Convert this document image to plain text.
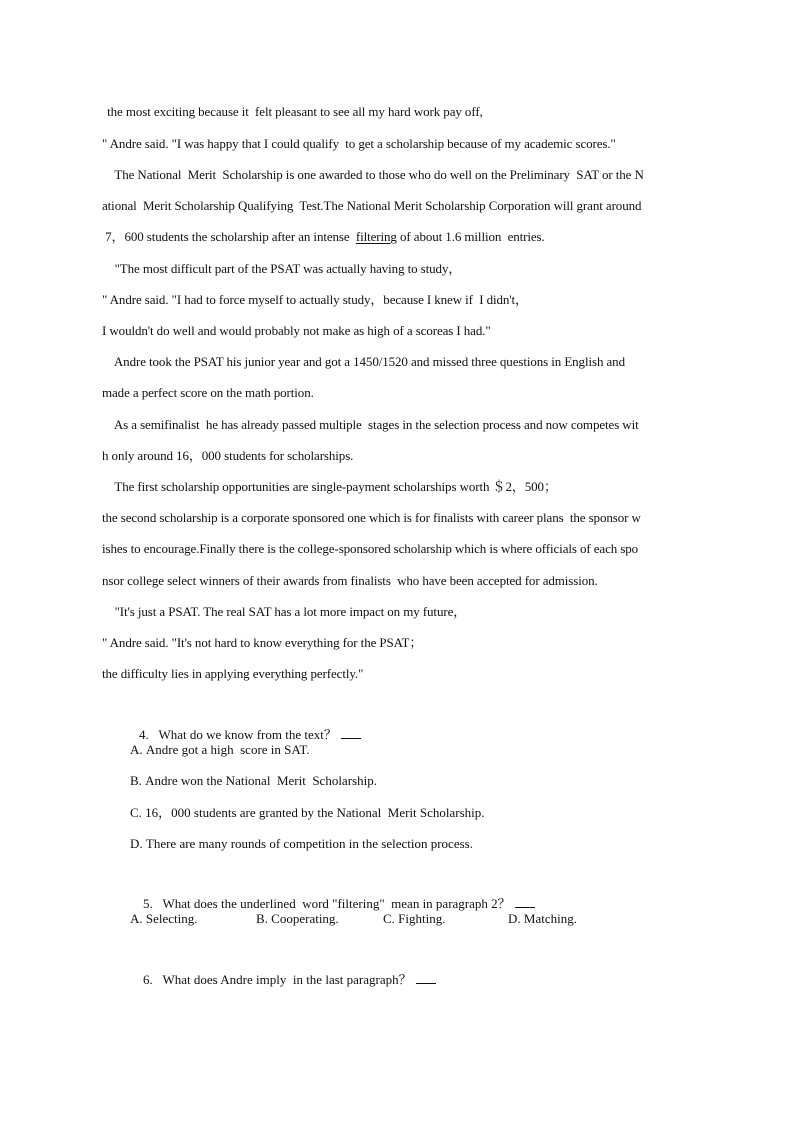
the most exciting because it  felt pleasant to see all my hard work pay off,
" Andre said. "I was happy that I could qualify  to get a scholarship because of my academic scores."
The National  Merit  Scholarship is one awarded to those who do well on the Preliminary  SAT or the N
ational  Merit Scholarship Qualifying  Test.The National Merit Scholarship Corporation will grant around
7，600 students the scholarship after an intense  filtering of about 1.6 million  entries.
"The most difficult part of the PSAT was actually having to study，
" Andre said. "I had to force myself to actually study，because I knew if  I didn't，
I wouldn't do well and would probably not make as high of a scoreas I had."
Andre took the PSAT his junior year and got a 1450/1520 and missed three questions in English and
made a perfect score on the math portion.
As a semifinalist  he has already passed multiple  stages in the selection process and now competes wit
h only around 16，000 students for scholarships.
The first scholarship opportunities are single-payment scholarships worth ＄2，500；
the second scholarship is a corporate sponsored one which is for finalists with career plans  the sponsor w
ishes to encourage.Finally there is the college-sponsored scholarship which is where officials of each spo
nsor college select winners of their awards from finalists  who have been accepted for admission.
"It's just a PSAT. The real SAT has a lot more impact on my future，
" Andre said. "It's not hard to know everything for the PSAT；
the difficulty lies in applying everything perfectly."

4. What do we know from the text？

A. Andre got a high  score in SAT.
B. Andre won the National  Merit  Scholarship.
C. 16，000 students are granted by the National  Merit Scholarship.
D. There are many rounds of competition in the selection process.

5. What does the underlined  word "filtering"  mean in paragraph 2？

A. Selecting.	B. Cooperating.	C. Fighting.	D. Matching.

6. What does Andre imply  in the last paragraph？
